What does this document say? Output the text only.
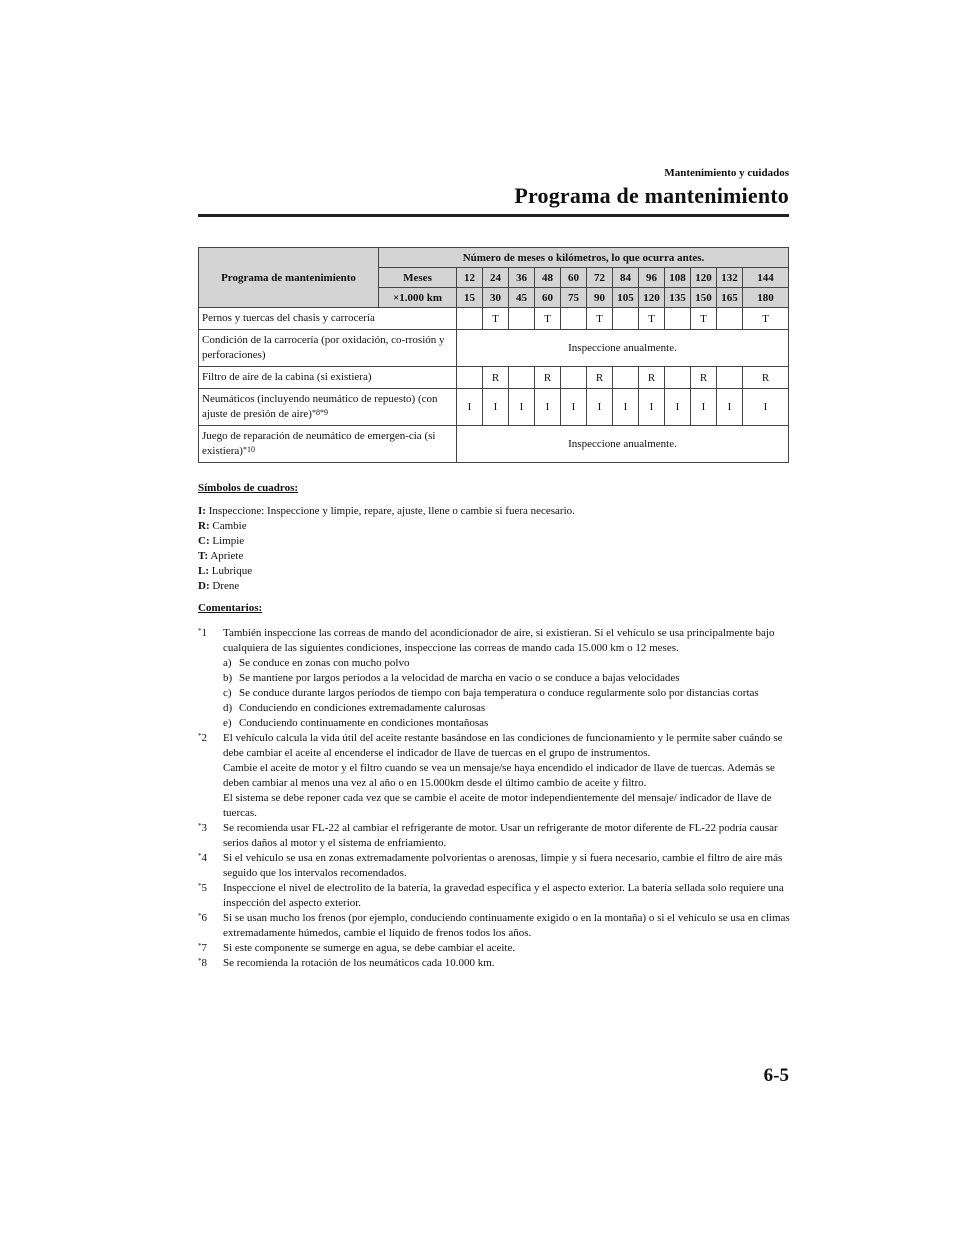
Mantenimiento y cuidados
Programa de mantenimiento
Programa de mantenimiento	Número de meses o kilómetros, lo que ocurra antes.												
	Meses	12	24	36	48	60	72	84	96	108	120	132	144
	×1.000 km	15	30	45	60	75	90	105	120	135	150	165	180
Pernos y tuercas del chasis y carrocería			T		T		T		T		T		T
Condición de la carrocería (por oxidación, co-rrosión y perforaciones)		Inspeccione anualmente.											
Filtro de aire de la cabina (si existiera)			R		R		R		R		R		R
Neumáticos (incluyendo neumático de repuesto) (con ajuste de presión de aire)$^{*8*9}$		I	I	I	I	I	I	I	I	I	I	I	I
Juego de reparación de neumático de emergen-cia (si existiera)$^{*10}$		Inspeccione anualmente.											
Símbolos de cuadros:
I: Inspeccione: Inspeccione y limpie, repare, ajuste, llene o cambie si fuera necesario.
R: Cambie
C: Limpie
T: Apriete
L: Lubrique
D: Drene
Comentarios:
*1 También inspeccione las correas de mando del acondicionador de aire, si existieran. Si el vehículo se usa principalmente bajo cualquiera de las siguientes condiciones, inspeccione las correas de mando cada 15.000 km o 12 meses.
a) Se conduce en zonas con mucho polvo
b) Se mantiene por largos períodos a la velocidad de marcha en vacío o se conduce a bajas velocidades
c) Se conduce durante largos períodos de tiempo con baja temperatura o conduce regularmente solo por distancias cortas
d) Conduciendo en condiciones extremadamente calurosas
e) Conduciendo continuamente en condiciones montañosas
*2 El vehículo calcula la vida útil del aceite restante basándose en las condiciones de funcionamiento y le permite saber cuándo se debe cambiar el aceite al encenderse el indicador de llave de tuercas en el grupo de instrumentos.
Cambie el aceite de motor y el filtro cuando se vea un mensaje/se haya encendido el indicador de llave de tuercas. Además se deben cambiar al menos una vez al año o en 15.000km desde el último cambio de aceite y filtro.
El sistema se debe reponer cada vez que se cambie el aceite de motor independientemente del mensaje/ indicador de llave de tuercas.
*3 Se recomienda usar FL-22 al cambiar el refrigerante de motor. Usar un refrigerante de motor diferente de FL-22 podría causar serios daños al motor y el sistema de enfriamiento.
*4 Si el vehículo se usa en zonas extremadamente polvorientas o arenosas, limpie y si fuera necesario, cambie el filtro de aire más seguido que los intervalos recomendados.
*5 Inspeccione el nivel de electrolito de la batería, la gravedad específica y el aspecto exterior. La batería sellada solo requiere una inspección del aspecto exterior.
*6 Si se usan mucho los frenos (por ejemplo, conduciendo continuamente exigido o en la montaña) o si el vehículo se usa en climas extremadamente húmedos, cambie el líquido de frenos todos los años.
*7 Si este componente se sumerge en agua, se debe cambiar el aceite.
*8 Se recomienda la rotación de los neumáticos cada 10.000 km.
6-5
